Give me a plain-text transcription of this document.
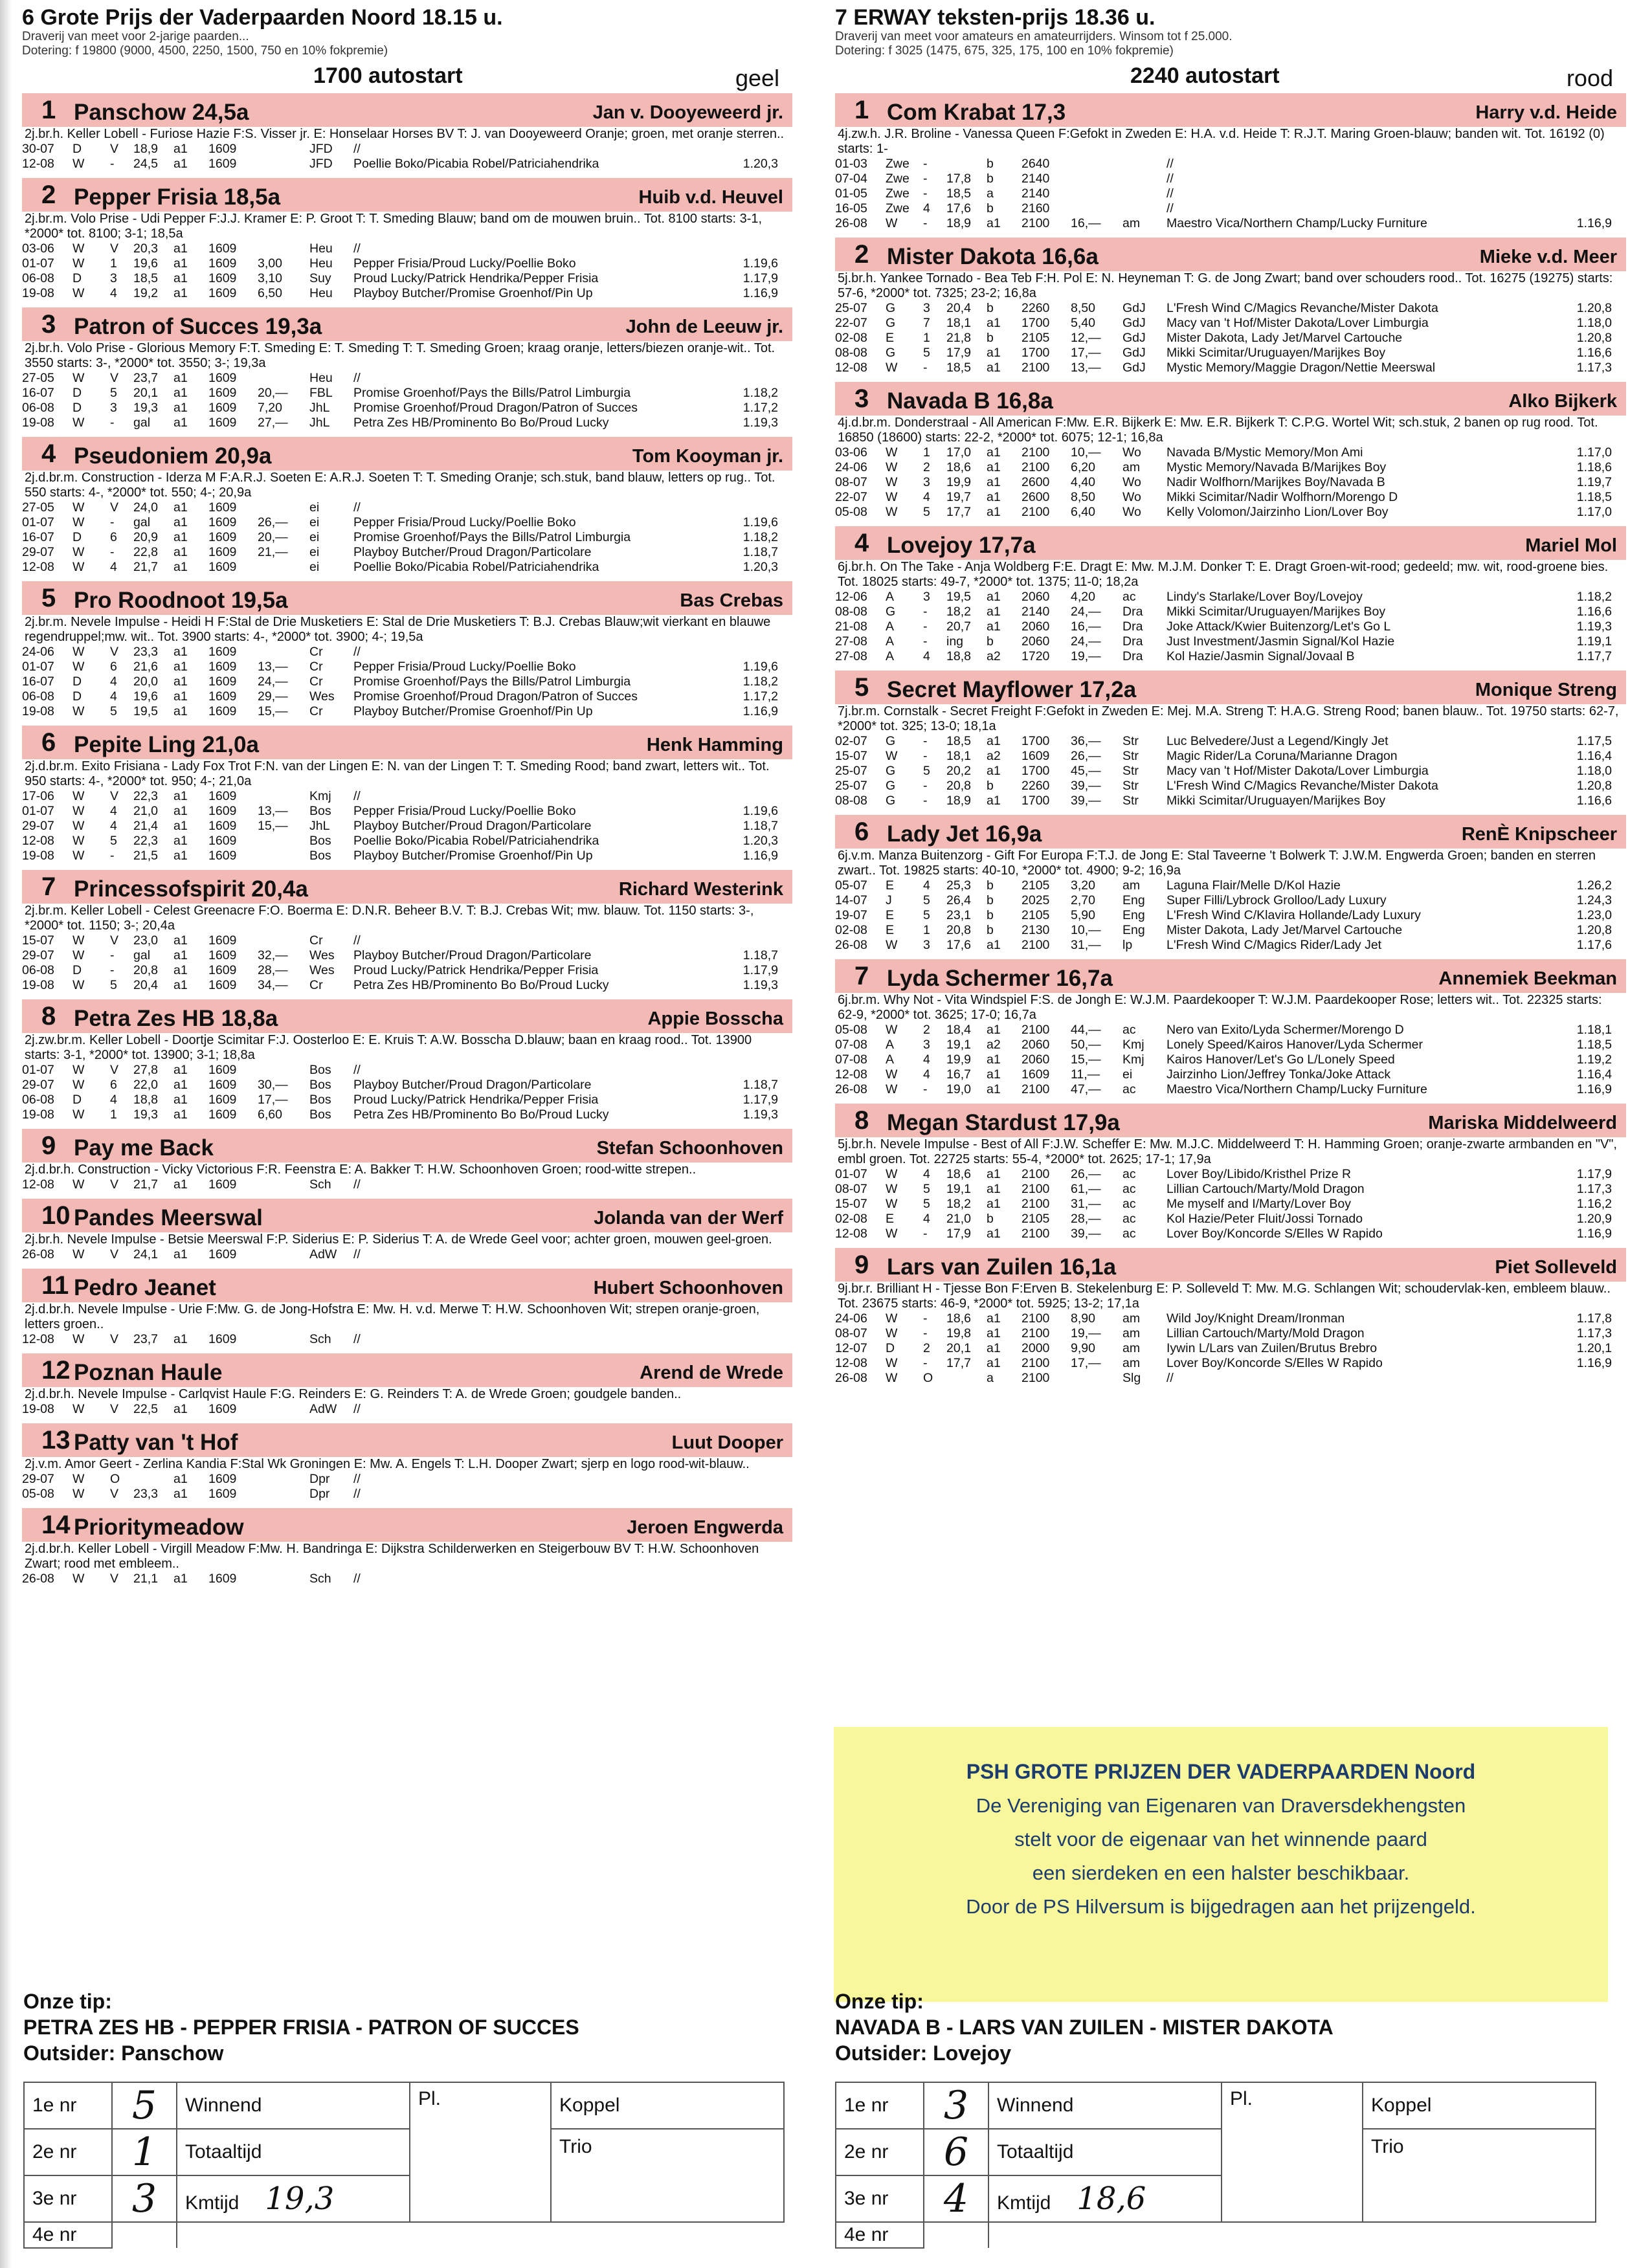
6 Grote Prijs der Vaderpaarden Noord 18.15 u.
Draverij van meet voor 2-jarige paarden...
Dotering: f 19800 (9000, 4500, 2250, 1500, 750 en 10% fokpremie)
1700 autostart	geel
1 Panschow 24,5a	Jan v. Dooyeweerd jr.
2j.br.h. Keller Lobell - Furiose Hazie F:S. Visser jr. E: Honselaar Horses BV T: J. van Dooyeweerd Oranje; groen, met oranje sterren..
30-07	D	V	18,9	a1	1609		JFD	//	
12-08	W	-	24,5	a1	1609		JFD	Poellie Boko/Picabia Robel/Patriciahendrika	1.20,3
2 Pepper Frisia 18,5a	Huib v.d. Heuvel
2j.br.m. Volo Prise - Udi Pepper F:J.J. Kramer E: P. Groot T: T. Smeding Blauw; band om de mouwen bruin.. Tot. 8100 starts: 3-1, *2000* tot. 8100; 3-1; 18,5a
03-06	W	V	20,3	a1	1609		Heu	//	
01-07	W	1	19,6	a1	1609	3,00	Heu	Pepper Frisia/Proud Lucky/Poellie Boko	1.19,6
06-08	D	3	18,5	a1	1609	3,10	Suy	Proud Lucky/Patrick Hendrika/Pepper Frisia	1.17,9
19-08	W	4	19,2	a1	1609	6,50	Heu	Playboy Butcher/Promise Groenhof/Pin Up	1.16,9
3 Patron of Succes 19,3a	John de Leeuw jr.
2j.br.h. Volo Prise - Glorious Memory F:T. Smeding E: T. Smeding T: T. Smeding Groen; kraag oranje, letters/biezen oranje-wit.. Tot. 3550 starts: 3-, *2000* tot. 3550; 3-; 19,3a
27-05	W	V	23,7	a1	1609		Heu	//	
16-07	D	5	20,1	a1	1609	20,—	FBL	Promise Groenhof/Pays the Bills/Patrol Limburgia	1.18,2
06-08	D	3	19,3	a1	1609	7,20	JhL	Promise Groenhof/Proud Dragon/Patron of Succes	1.17,2
19-08	W	-	gal	a1	1609	27,—	JhL	Petra Zes HB/Prominento Bo Bo/Proud Lucky	1.19,3
4 Pseudoniem 20,9a	Tom Kooyman jr.
2j.d.br.m. Construction - Iderza M F:A.R.J. Soeten E: A.R.J. Soeten T: T. Smeding Oranje; sch.stuk, band blauw, letters op rug.. Tot. 550 starts: 4-, *2000* tot. 550; 4-; 20,9a
27-05	W	V	24,0	a1	1609		ei	//	
01-07	W	-	gal	a1	1609	26,—	ei	Pepper Frisia/Proud Lucky/Poellie Boko	1.19,6
16-07	D	6	20,9	a1	1609	20,—	ei	Promise Groenhof/Pays the Bills/Patrol Limburgia	1.18,2
29-07	W	-	22,8	a1	1609	21,—	ei	Playboy Butcher/Proud Dragon/Particolare	1.18,7
12-08	W	4	21,7	a1	1609		ei	Poellie Boko/Picabia Robel/Patriciahendrika	1.20,3
5 Pro Roodnoot 19,5a	Bas Crebas
2j.br.m. Nevele Impulse - Heidi H F:Stal de Drie Musketiers E: Stal de Drie Musketiers T: B.J. Crebas Blauw;wit vierkant en blauwe regendruppel;mw. wit.. Tot. 3900 starts: 4-, *2000* tot. 3900; 4-; 19,5a
24-06	W	V	23,3	a1	1609		Cr	//	
01-07	W	6	21,6	a1	1609	13,—	Cr	Pepper Frisia/Proud Lucky/Poellie Boko	1.19,6
16-07	D	4	20,0	a1	1609	24,—	Cr	Promise Groenhof/Pays the Bills/Patrol Limburgia	1.18,2
06-08	D	4	19,6	a1	1609	29,—	Wes	Promise Groenhof/Proud Dragon/Patron of Succes	1.17,2
19-08	W	5	19,5	a1	1609	15,—	Cr	Playboy Butcher/Promise Groenhof/Pin Up	1.16,9
6 Pepite Ling 21,0a	Henk Hamming
2j.d.br.m. Exito Frisiana - Lady Fox Trot F:N. van der Lingen E: N. van der Lingen T: T. Smeding Rood; band zwart, letters wit.. Tot. 950 starts: 4-, *2000* tot. 950; 4-; 21,0a
17-06	W	V	22,3	a1	1609		Kmj	//	
01-07	W	4	21,0	a1	1609	13,—	Bos	Pepper Frisia/Proud Lucky/Poellie Boko	1.19,6
29-07	W	4	21,4	a1	1609	15,—	JhL	Playboy Butcher/Proud Dragon/Particolare	1.18,7
12-08	W	5	22,3	a1	1609		Bos	Poellie Boko/Picabia Robel/Patriciahendrika	1.20,3
19-08	W	-	21,5	a1	1609		Bos	Playboy Butcher/Promise Groenhof/Pin Up	1.16,9
7 Princessofspirit 20,4a	Richard Westerink
2j.br.m. Keller Lobell - Celest Greenacre F:O. Boerma E: D.N.R. Beheer B.V. T: B.J. Crebas Wit; mw. blauw. Tot. 1150 starts: 3-, *2000* tot. 1150; 3-; 20,4a
15-07	W	V	23,0	a1	1609		Cr	//	
29-07	W	-	gal	a1	1609	32,—	Wes	Playboy Butcher/Proud Dragon/Particolare	1.18,7
06-08	D	-	20,8	a1	1609	28,—	Wes	Proud Lucky/Patrick Hendrika/Pepper Frisia	1.17,9
19-08	W	5	20,4	a1	1609	34,—	Cr	Petra Zes HB/Prominento Bo Bo/Proud Lucky	1.19,3
8 Petra Zes HB 18,8a	Appie Bosscha
2j.zw.br.m. Keller Lobell - Doortje Scimitar F:J. Oosterloo E: E. Kruis T: A.W. Bosscha D.blauw; baan en kraag rood.. Tot. 13900 starts: 3-1, *2000* tot. 13900; 3-1; 18,8a
01-07	W	V	27,8	a1	1609		Bos	//	
29-07	W	6	22,0	a1	1609	30,—	Bos	Playboy Butcher/Proud Dragon/Particolare	1.18,7
06-08	D	4	18,8	a1	1609	17,—	Bos	Proud Lucky/Patrick Hendrika/Pepper Frisia	1.17,9
19-08	W	1	19,3	a1	1609	6,60	Bos	Petra Zes HB/Prominento Bo Bo/Proud Lucky	1.19,3
9 Pay me Back	Stefan Schoonhoven
2j.d.br.h. Construction - Vicky Victorious F:R. Feenstra E: A. Bakker T: H.W. Schoonhoven Groen; rood-witte strepen..
12-08	W	V	21,7	a1	1609		Sch	//	
10 Pandes Meerswal	Jolanda van der Werf
2j.br.h. Nevele Impulse - Betsie Meerswal F:P. Siderius E: P. Siderius T: A. de Wrede Geel voor; achter groen, mouwen geel-groen.
26-08	W	V	24,1	a1	1609		AdW	//	
11 Pedro Jeanet	Hubert Schoonhoven
2j.d.br.h. Nevele Impulse - Urie F:Mw. G. de Jong-Hofstra E: Mw. H. v.d. Merwe T: H.W. Schoonhoven Wit; strepen oranje-groen, letters groen..
12-08	W	V	23,7	a1	1609		Sch	//	
12 Poznan Haule	Arend de Wrede
2j.d.br.h. Nevele Impulse - Carlqvist Haule F:G. Reinders E: G. Reinders T: A. de Wrede Groen; goudgele banden..
19-08	W	V	22,5	a1	1609		AdW	//	
13 Patty van 't Hof	Luut Dooper
2j.v.m. Amor Geert - Zerlina Kandia F:Stal Wk Groningen E: Mw. A. Engels T: L.H. Dooper Zwart; sjerp en logo rood-wit-blauw..
29-07	W	O		a1	1609		Dpr	//	
05-08	W	V	23,3	a1	1609		Dpr	//	
14 Prioritymeadow	Jeroen Engwerda
2j.d.br.h. Keller Lobell - Virgill Meadow F:Mw. H. Bandringa E: Dijkstra Schilderwerken en Steigerbouw BV T: H.W. Schoonhoven Zwart; rood met embleem..
26-08	W	V	21,1	a1	1609		Sch	//	
7 ERWAY teksten-prijs 18.36 u.
Draverij van meet voor amateurs en amateurrijders. Winsom tot f 25.000.
Dotering: f 3025 (1475, 675, 325, 175, 100 en 10% fokpremie)
2240 autostart	rood
1 Com Krabat 17,3	Harry v.d. Heide
4j.zw.h. J.R. Broline - Vanessa Queen F:Gefokt in Zweden E: H.A. v.d. Heide T: R.J.T. Maring Groen-blauw; banden wit. Tot. 16192 (0) starts: 1-
01-03	Zwe	-		b	2640			//	
07-04	Zwe	-	17,8	b	2140			//	
01-05	Zwe	-	18,5	a	2140			//	
16-05	Zwe	4	17,6	b	2160			//	
26-08	W	-	18,9	a1	2100	16,—	am	Maestro Vica/Northern Champ/Lucky Furniture	1.16,9
2 Mister Dakota 16,6a	Mieke v.d. Meer
5j.br.h. Yankee Tornado - Bea Teb F:H. Pol E: N. Heyneman T: G. de Jong Zwart; band over schouders rood.. Tot. 16275 (19275) starts: 57-6, *2000* tot. 7325; 23-2; 16,8a
25-07	G	3	20,4	b	2260	8,50	GdJ	L'Fresh Wind C/Magics Revanche/Mister Dakota	1.20,8
22-07	G	7	18,1	a1	1700	5,40	GdJ	Macy van 't Hof/Mister Dakota/Lover Limburgia	1.18,0
02-08	E	1	21,8	b	2105	12,—	GdJ	Mister Dakota, Lady Jet/Marvel Cartouche	1.20,8
08-08	G	5	17,9	a1	1700	17,—	GdJ	Mikki Scimitar/Uruguayen/Marijkes Boy	1.16,6
12-08	W	-	18,5	a1	2100	13,—	GdJ	Mystic Memory/Maggie Dragon/Nettie Meerswal	1.17,3
3 Navada B 16,8a	Alko Bijkerk
4j.d.br.m. Donderstraal - All American F:Mw. E.R. Bijkerk E: Mw. E.R. Bijkerk T: C.P.G. Wortel Wit; sch.stuk, 2 banen op rug rood. Tot. 16850 (18600) starts: 22-2, *2000* tot. 6075; 12-1; 16,8a
03-06	W	1	17,0	a1	2100	10,—	Wo	Navada B/Mystic Memory/Mon Ami	1.17,0
24-06	W	2	18,6	a1	2100	6,20	am	Mystic Memory/Navada B/Marijkes Boy	1.18,6
08-07	W	3	19,9	a1	2600	4,40	Wo	Nadir Wolfhorn/Marijkes Boy/Navada B	1.19,7
22-07	W	4	19,7	a1	2600	8,50	Wo	Mikki Scimitar/Nadir Wolfhorn/Morengo D	1.18,5
05-08	W	5	17,7	a1	2100	6,40	Wo	Kelly Volomon/Jairzinho Lion/Lover Boy	1.17,0
4 Lovejoy 17,7a	Mariel Mol
6j.br.h. On The Take - Anja Woldberg F:E. Dragt E: Mw. M.J.M. Donker T: E. Dragt Groen-wit-rood; gedeeld; mw. wit, rood-groene bies. Tot. 18025 starts: 49-7, *2000* tot. 1375; 11-0; 18,2a
12-06	A	3	19,5	a1	2060	4,20	ac	Lindy's Starlake/Lover Boy/Lovejoy	1.18,2
08-08	G	-	18,2	a1	2140	24,—	Dra	Mikki Scimitar/Uruguayen/Marijkes Boy	1.16,6
21-08	A	-	20,7	a1	2060	16,—	Dra	Joke Attack/Kwier Buitenzorg/Let's Go L	1.19,3
27-08	A	-	ing	b	2060	24,—	Dra	Just Investment/Jasmin Signal/Kol Hazie	1.19,1
27-08	A	4	18,8	a2	1720	19,—	Dra	Kol Hazie/Jasmin Signal/Jovaal B	1.17,7
5 Secret Mayflower 17,2a	Monique Streng
7j.br.m. Cornstalk - Secret Freight F:Gefokt in Zweden E: Mej. M.A. Streng T: H.A.G. Streng Rood; banen blauw.. Tot. 19750 starts: 62-7, *2000* tot. 325; 13-0; 18,1a
02-07	G	-	18,5	a1	1700	36,—	Str	Luc Belvedere/Just a Legend/Kingly Jet	1.17,5
15-07	W	-	18,1	a2	1609	26,—	Str	Magic Rider/La Coruna/Marianne Dragon	1.16,4
25-07	G	5	20,2	a1	1700	45,—	Str	Macy van 't Hof/Mister Dakota/Lover Limburgia	1.18,0
25-07	G	-	20,8	b	2260	39,—	Str	L'Fresh Wind C/Magics Revanche/Mister Dakota	1.20,8
08-08	G	-	18,9	a1	1700	39,—	Str	Mikki Scimitar/Uruguayen/Marijkes Boy	1.16,6
6 Lady Jet 16,9a	RenÈ Knipscheer
6j.v.m. Manza Buitenzorg - Gift For Europa F:T.J. de Jong E: Stal Taveerne 't Bolwerk T: J.W.M. Engwerda Groen; banden en sterren zwart.. Tot. 19825 starts: 40-10, *2000* tot. 4900; 9-2; 16,9a
05-07	E	4	25,3	b	2105	3,20	am	Laguna Flair/Melle D/Kol Hazie	1.26,2
14-07	J	5	26,4	b	2025	2,70	Eng	Super Filli/Lybrock Grolloo/Lady Luxury	1.24,3
19-07	E	5	23,1	b	2105	5,90	Eng	L'Fresh Wind C/Klavira Hollande/Lady Luxury	1.23,0
02-08	E	1	20,8	b	2130	10,—	Eng	Mister Dakota, Lady Jet/Marvel Cartouche	1.20,8
26-08	W	3	17,6	a1	2100	31,—	lp	L'Fresh Wind C/Magics Rider/Lady Jet	1.17,6
7 Lyda Schermer 16,7a	Annemiek Beekman
6j.br.m. Why Not - Vita Windspiel F:S. de Jongh E: W.J.M. Paardekooper T: W.J.M. Paardekooper Rose; letters wit.. Tot. 22325 starts: 62-9, *2000* tot. 3625; 17-0; 16,7a
05-08	W	2	18,4	a1	2100	44,—	ac	Nero van Exito/Lyda Schermer/Morengo D	1.18,1
07-08	A	3	19,1	a2	2060	50,—	Kmj	Lonely Speed/Kairos Hanover/Lyda Schermer	1.18,5
07-08	A	4	19,9	a1	2060	15,—	Kmj	Kairos Hanover/Let's Go L/Lonely Speed	1.19,2
12-08	W	4	16,7	a1	1609	11,—	ei	Jairzinho Lion/Jeffrey Tonka/Joke Attack	1.16,4
26-08	W	-	19,0	a1	2100	47,—	ac	Maestro Vica/Northern Champ/Lucky Furniture	1.16,9
8 Megan Stardust 17,9a	Mariska Middelweerd
5j.br.h. Nevele Impulse - Best of All F:J.W. Scheffer E: Mw. M.J.C. Middelweerd T: H. Hamming Groen; oranje-zwarte armbanden en "V", embl groen. Tot. 22725 starts: 55-4, *2000* tot. 2625; 17-1; 17,9a
01-07	W	4	18,6	a1	2100	26,—	ac	Lover Boy/Libido/Kristhel Prize R	1.17,9
08-07	W	5	19,1	a1	2100	61,—	ac	Lillian Cartouch/Marty/Mold Dragon	1.17,3
15-07	W	5	18,2	a1	2100	31,—	ac	Me myself and I/Marty/Lover Boy	1.16,2
02-08	E	4	21,0	b	2105	28,—	ac	Kol Hazie/Peter Fluit/Jossi Tornado	1.20,9
12-08	W	-	17,9	a1	2100	39,—	ac	Lover Boy/Koncorde S/Elles W Rapido	1.16,9
9 Lars van Zuilen 16,1a	Piet Solleveld
9j.br.r. Brilliant H - Tjesse Bon F:Erven B. Stekelenburg E: P. Solleveld T: Mw. M.G. Schlangen Wit; schoudervlak-ken, embleem blauw.. Tot. 23675 starts: 46-9, *2000* tot. 5925; 13-2; 17,1a
24-06	W	-	18,6	a1	2100	8,90	am	Wild Joy/Knight Dream/Ironman	1.17,8
08-07	W	-	19,8	a1	2100	19,—	am	Lillian Cartouch/Marty/Mold Dragon	1.17,3
12-07	D	2	20,1	a1	2000	9,90	am	Iywin L/Lars van Zuilen/Brutus Brebro	1.20,1
12-08	W	-	17,7	a1	2100	17,—	am	Lover Boy/Koncorde S/Elles W Rapido	1.16,9
26-08	W	O		a	2100		Slg	//	
PSH GROTE PRIJZEN DER VADERPAARDEN Noord
De Vereniging van Eigenaren van Draversdekhengsten
stelt voor de eigenaar van het winnende paard
een sierdeken en een halster beschikbaar.
Door de PS Hilversum is bijgedragen aan het prijzengeld.
Onze tip:
PETRA ZES HB - PEPPER FRISIA - PATRON OF SUCCES
Outsider: Panschow
Onze tip:
NAVADA B - LARS VAN ZUILEN - MISTER DAKOTA
Outsider: Lovejoy
1e nr	5	Winnend	Pl.	Koppel
2e nr	1	Totaaltijd		Trio
3e nr	3	Kmtijd 19,3		
4e nr				
1e nr	3	Winnend	Pl.	Koppel
2e nr	6	Totaaltijd		Trio
3e nr	4	Kmtijd 18,6		
4e nr				
